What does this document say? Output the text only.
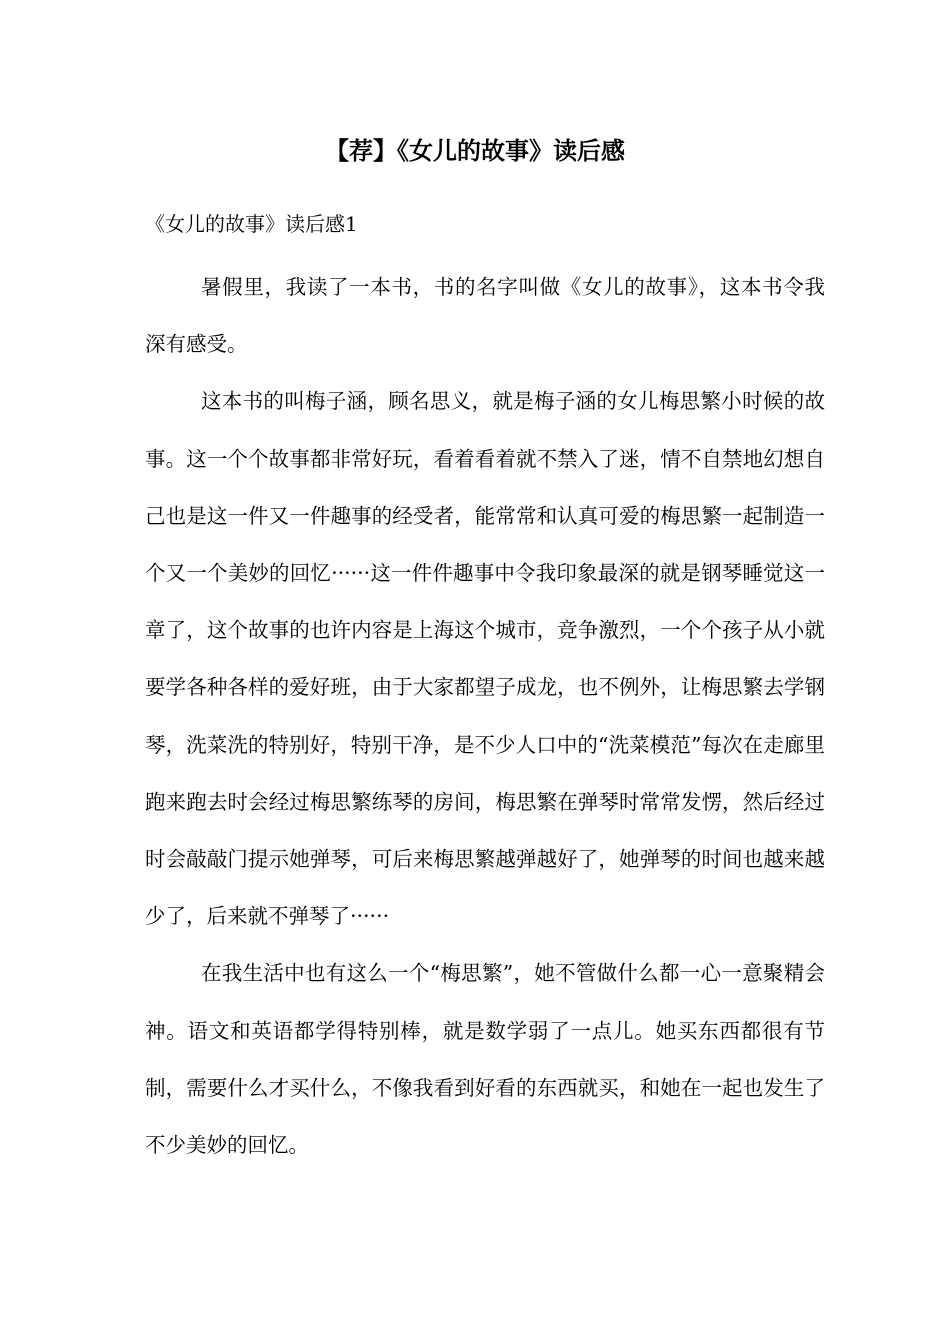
【荐】《女儿的故事》读后感

《女儿的故事》读后感1

暑假里，我读了一本书，书的名字叫做《女儿的故事》，这本书令我深有感受。

这本书的叫梅子涵，顾名思义，就是梅子涵的女儿梅思繁小时候的故事。这一个个故事都非常好玩，看着看着就不禁入了迷，情不自禁地幻想自己也是这一件又一件趣事的经受者，能常常和认真可爱的梅思繁一起制造一个又一个美妙的回忆······这一件件趣事中令我印象最深的就是钢琴睡觉这一章了，这个故事的也许内容是上海这个城市，竞争激烈，一个个孩子从小就要学各种各样的爱好班，由于大家都望子成龙，也不例外，让梅思繁去学钢琴，洗菜洗的特别好，特别干净，是不少人口中的“洗菜模范”每次在走廊里跑来跑去时会经过梅思繁练琴的房间，梅思繁在弹琴时常常发愣，然后经过时会敲敲门提示她弹琴，可后来梅思繁越弹越好了，她弹琴的时间也越来越少了，后来就不弹琴了······

在我生活中也有这么一个“梅思繁”，她不管做什么都一心一意聚精会神。语文和英语都学得特别棒，就是数学弱了一点儿。她买东西都很有节制，需要什么才买什么，不像我看到好看的东西就买，和她在一起也发生了不少美妙的回忆。
